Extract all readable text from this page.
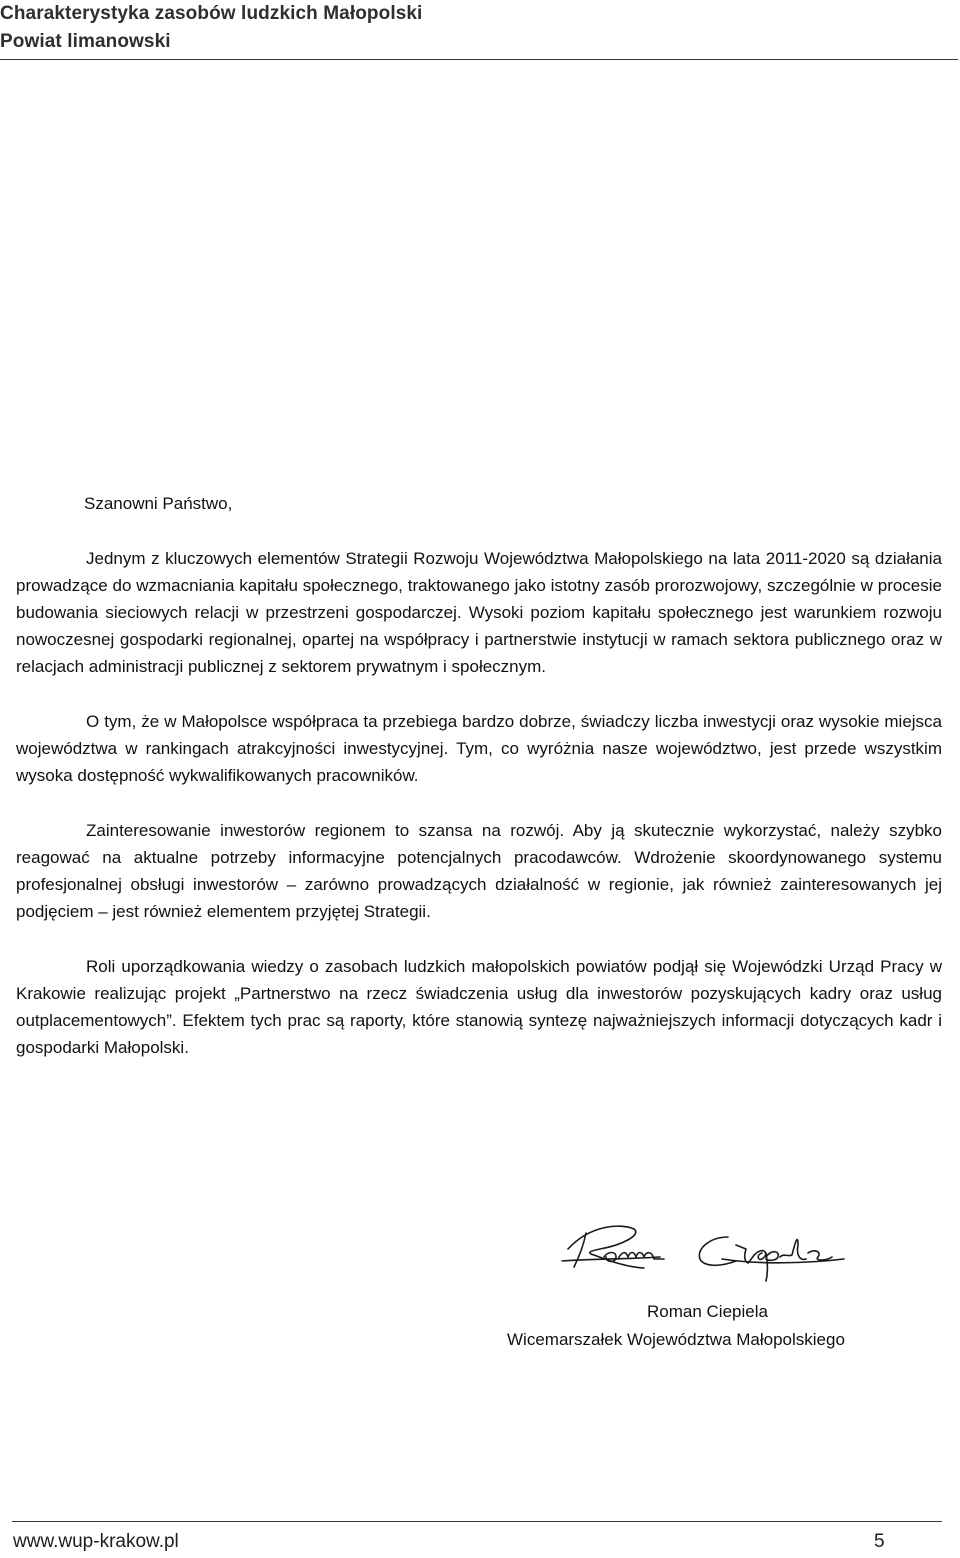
Charakterystyka zasobów ludzkich Małopolski
Powiat limanowski

Szanowni Państwo,

Jednym z kluczowych elementów Strategii Rozwoju Województwa Małopolskiego na lata 2011-2020 są działania prowadzące do wzmacniania kapitału społecznego, traktowanego jako istotny zasób prorozwojowy, szczególnie w procesie budowania sieciowych relacji w przestrzeni gospodarczej. Wysoki poziom kapitału społecznego jest warunkiem rozwoju nowoczesnej gospodarki regionalnej, opartej na współpracy i partnerstwie instytucji w ramach sektora publicznego oraz w relacjach administracji publicznej z sektorem prywatnym i społecznym.

O tym, że w Małopolsce współpraca ta przebiega bardzo dobrze, świadczy liczba inwestycji oraz wysokie miejsca województwa w rankingach atrakcyjności inwestycyjnej. Tym, co wyróżnia nasze województwo, jest przede wszystkim wysoka dostępność wykwalifikowanych pracowników.

Zainteresowanie inwestorów regionem to szansa na rozwój. Aby ją skutecznie wykorzystać, należy szybko reagować na aktualne potrzeby informacyjne potencjalnych pracodawców. Wdrożenie skoordynowanego systemu profesjonalnej obsługi inwestorów – zarówno prowadzących działalność w regionie, jak również zainteresowanych jej podjęciem – jest również elementem przyjętej Strategii.

Roli uporządkowania wiedzy o zasobach ludzkich małopolskich powiatów podjął się Wojewódzki Urząd Pracy w Krakowie realizując projekt „Partnerstwo na rzecz świadczenia usług dla inwestorów pozyskujących kadry oraz usług outplacementowych”. Efektem tych prac są raporty, które stanowią syntezę najważniejszych informacji dotyczących kadr i gospodarki Małopolski.

Roman Ciepiela
Wicemarszałek Województwa Małopolskiego
www.wup-krakow.pl	5
